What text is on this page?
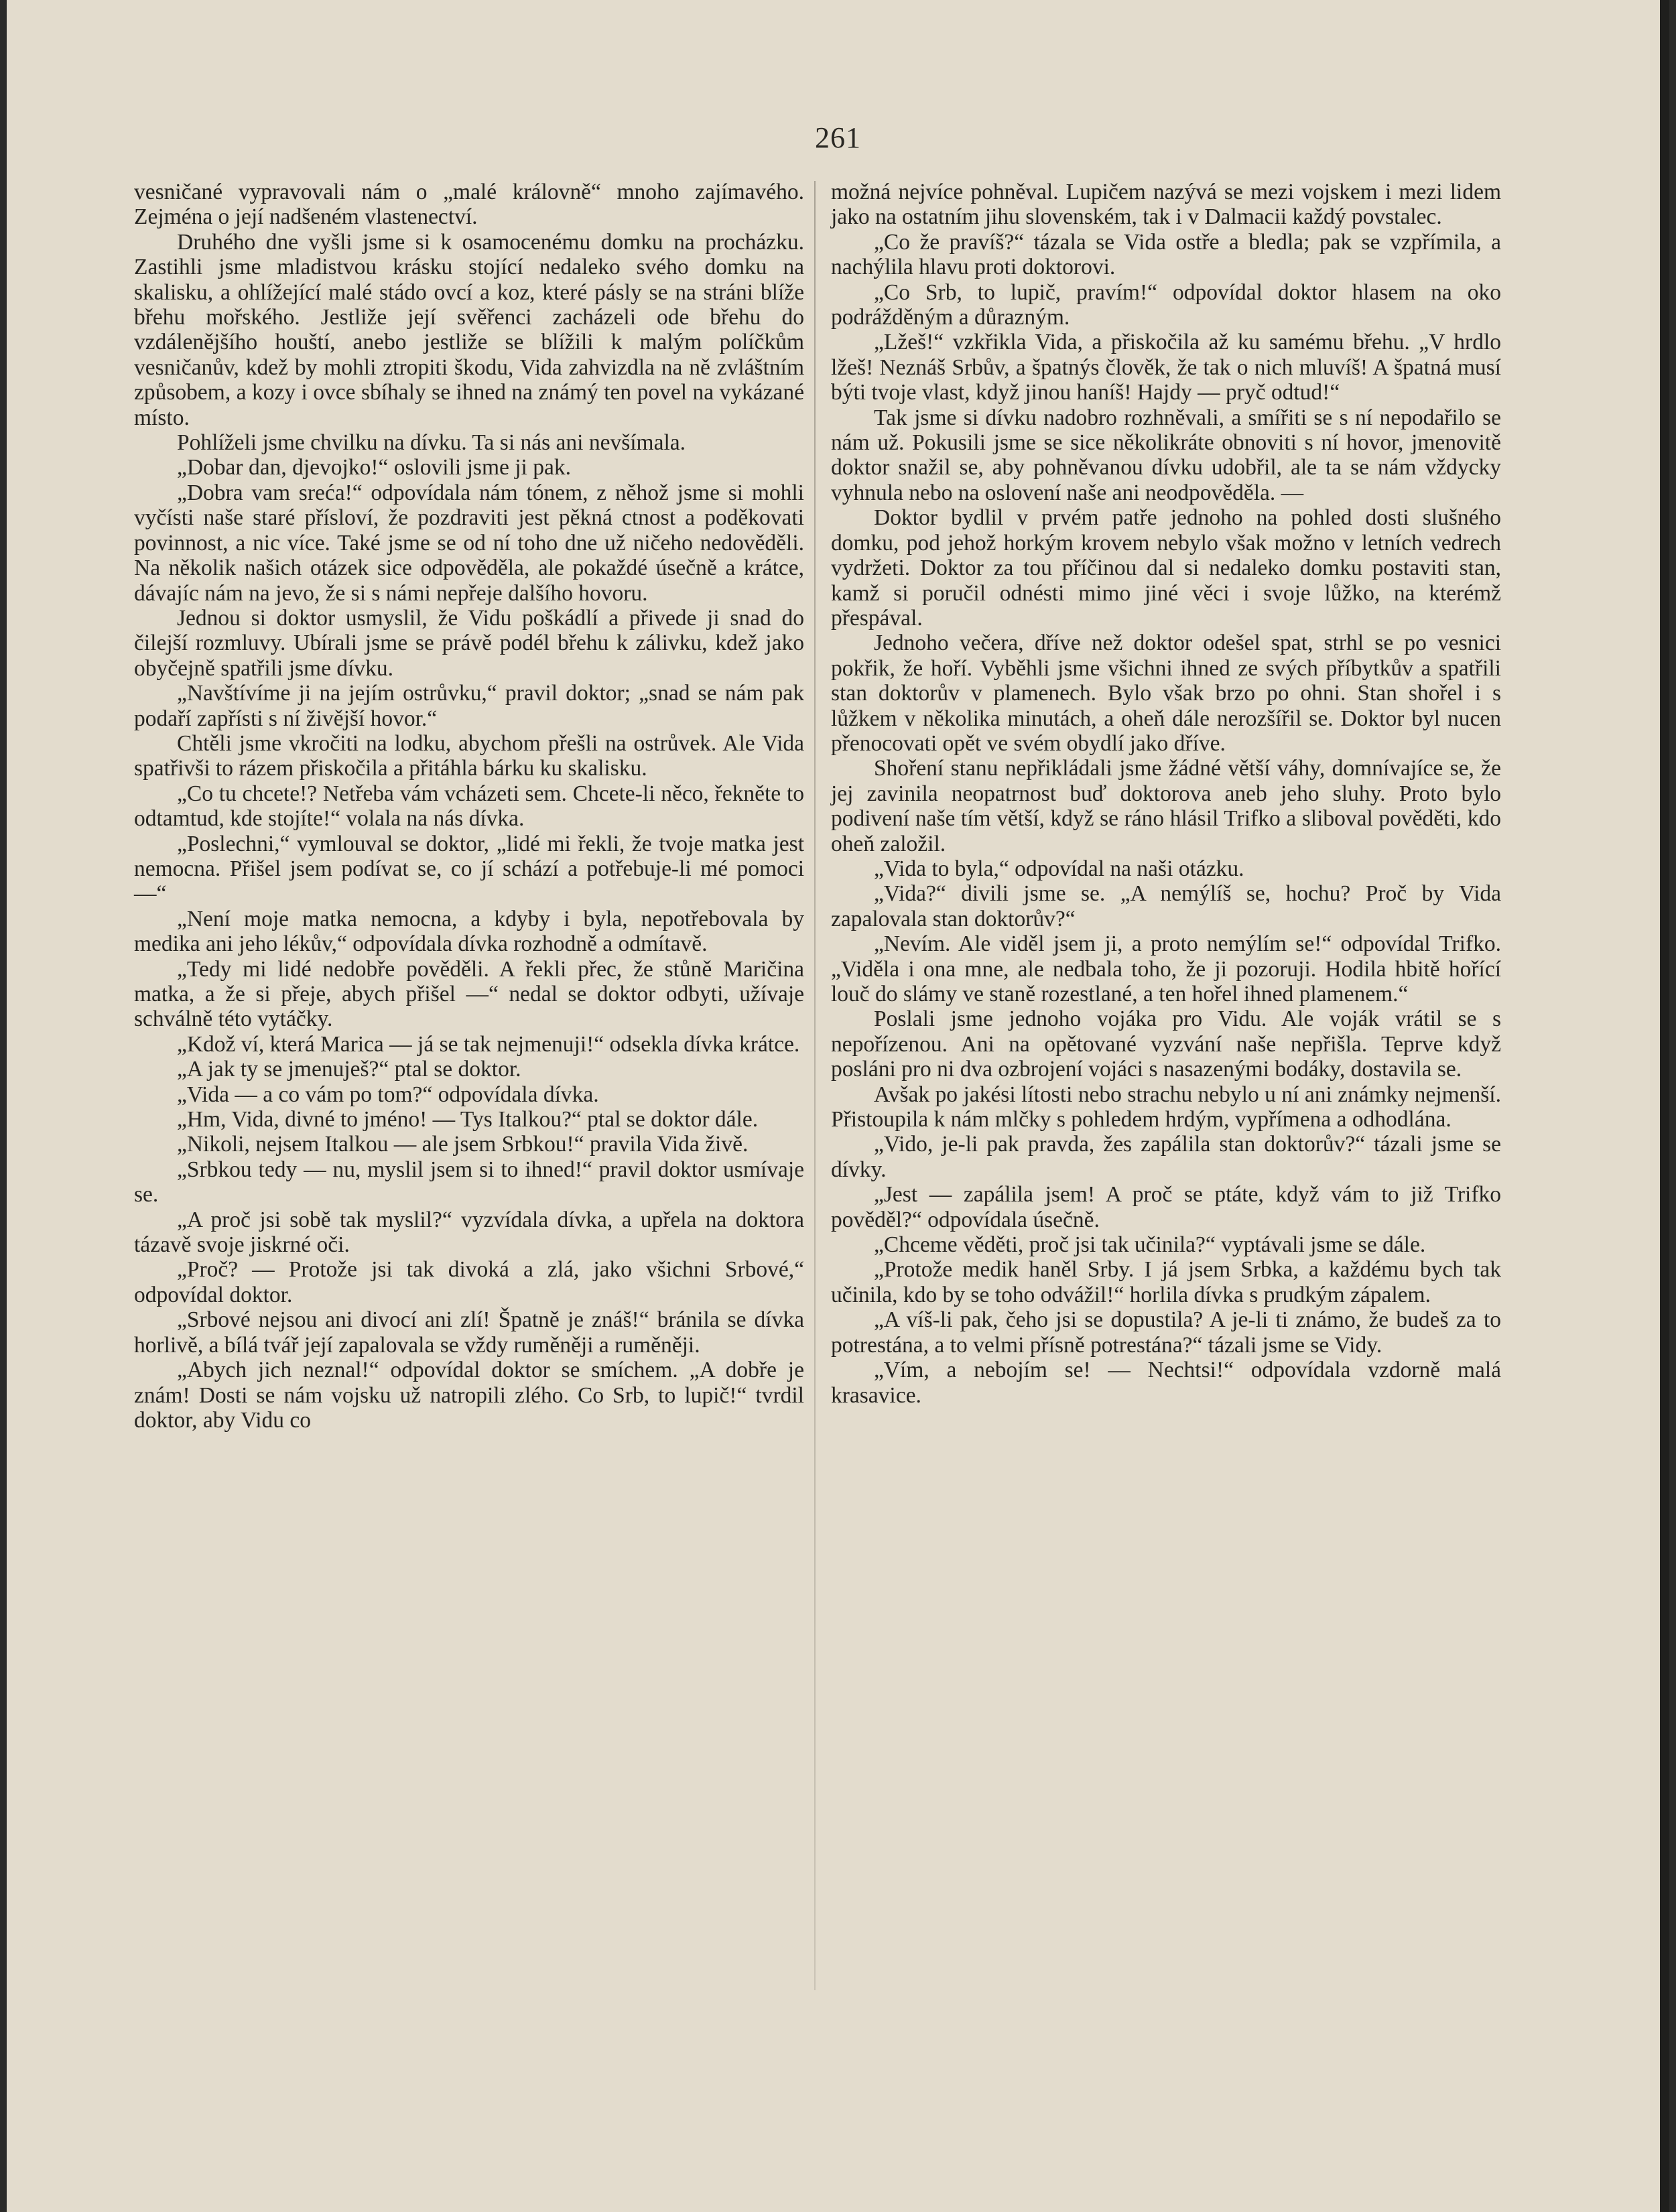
261

vesničané vypravovali nám o „malé královně“ mnoho zajímavého. Zejména o její nadšeném vlastenectví.

Druhého dne vyšli jsme si k osamocenému domku na procházku. Zastihli jsme mladistvou krásku stojící nedaleko svého domku na skalisku, a ohlížející malé stádo ovcí a koz, které pásly se na stráni blíže břehu mořského. Jestliže její svěřenci zacházeli ode břehu do vzdálenějšího houští, anebo jestliže se blížili k malým políčkům vesničanův, kdež by mohli ztropiti škodu, Vida zahvizdla na ně zvláštním způsobem, a kozy i ovce sbíhaly se ihned na známý ten povel na vykázané místo.

Pohlíželi jsme chvilku na dívku. Ta si nás ani nevšímala.

„Dobar dan, djevojko!“ oslovili jsme ji pak.

„Dobra vam sreća!“ odpovídala nám tónem, z něhož jsme si mohli vyčísti naše staré přísloví, že pozdraviti jest pěkná ctnost a poděkovati povinnost, a nic více. Také jsme se od ní toho dne už ničeho nedověděli. Na několik našich otázek sice odpověděla, ale pokaždé úsečně a krátce, dávajíc nám na jevo, že si s námi nepřeje dalšího hovoru.

Jednou si doktor usmyslil, že Vidu poškádlí a přivede ji snad do čilejší rozmluvy. Ubírali jsme se právě podél břehu k zálivku, kdež jako obyčejně spatřili jsme dívku.

„Navštívíme ji na jejím ostrůvku,“ pravil doktor; „snad se nám pak podaří zapřísti s ní živější hovor.“

Chtěli jsme vkročiti na lodku, abychom přešli na ostrůvek. Ale Vida spatřivši to rázem přiskočila a přitáhla bárku ku skalisku.

„Co tu chcete!? Netřeba vám vcházeti sem. Chcete-li něco, řekněte to odtamtud, kde stojíte!“ volala na nás dívka.

„Poslechni,“ vymlouval se doktor, „lidé mi řekli, že tvoje matka jest nemocna. Přišel jsem podívat se, co jí schází a potřebuje-li mé pomoci —“

„Není moje matka nemocna, a kdyby i byla, nepotřebovala by medika ani jeho lékův,“ odpovídala dívka rozhodně a odmítavě.

„Tedy mi lidé nedobře pověděli. A řekli přec, že stůně Maričina matka, a že si přeje, abych přišel —“ nedal se doktor odbyti, užívaje schválně této vytáčky.

„Kdož ví, která Marica — já se tak nejmenuji!“ odsekla dívka krátce.

„A jak ty se jmenuješ?“ ptal se doktor.

„Vida — a co vám po tom?“ odpovídala dívka.

„Hm, Vida, divné to jméno! — Tys Italkou?“ ptal se doktor dále.

„Nikoli, nejsem Italkou — ale jsem Srbkou!“ pravila Vida živě.

„Srbkou tedy — nu, myslil jsem si to ihned!“ pravil doktor usmívaje se.

„A proč jsi sobě tak myslil?“ vyzvídala dívka, a upřela na doktora tázavě svoje jiskrné oči.

„Proč? — Protože jsi tak divoká a zlá, jako všichni Srbové,“ odpovídal doktor.

„Srbové nejsou ani divocí ani zlí! Špatně je znáš!“ bránila se dívka horlivě, a bílá tvář její zapalovala se vždy ruměněji a ruměněji.

„Abych jich neznal!“ odpovídal doktor se smíchem. „A dobře je znám! Dosti se nám vojsku už natropili zlého. Co Srb, to lupič!“ tvrdil doktor, aby Vidu co

možná nejvíce pohněval. Lupičem nazývá se mezi vojskem i mezi lidem jako na ostatním jihu slovenském, tak i v Dalmacii každý povstalec.

„Co že pravíš?“ tázala se Vida ostře a bledla; pak se vzpřímila, a nachýlila hlavu proti doktorovi.

„Co Srb, to lupič, pravím!“ odpovídal doktor hlasem na oko podrážděným a důrazným.

„Lžeš!“ vzkřikla Vida, a přiskočila až ku samému břehu. „V hrdlo lžeš! Neznáš Srbův, a špatnýs člověk, že tak o nich mluvíš! A špatná musí býti tvoje vlast, když jinou haníš! Hajdy — pryč odtud!“

Tak jsme si dívku nadobro rozhněvali, a smířiti se s ní nepodařilo se nám už. Pokusili jsme se sice několikráte obnoviti s ní hovor, jmenovitě doktor snažil se, aby pohněvanou dívku udobřil, ale ta se nám vždycky vyhnula nebo na oslovení naše ani neodpověděla. —

Doktor bydlil v prvém patře jednoho na pohled dosti slušného domku, pod jehož horkým krovem nebylo však možno v letních vedrech vydržeti. Doktor za tou příčinou dal si nedaleko domku postaviti stan, kamž si poručil odnésti mimo jiné věci i svoje lůžko, na kterémž přespával.

Jednoho večera, dříve než doktor odešel spat, strhl se po vesnici pokřik, že hoří. Vyběhli jsme všichni ihned ze svých příbytkův a spatřili stan doktorův v plamenech. Bylo však brzo po ohni. Stan shořel i s lůžkem v několika minutách, a oheň dále nerozšířil se. Doktor byl nucen přenocovati opět ve svém obydlí jako dříve.

Shoření stanu nepřikládali jsme žádné větší váhy, domnívajíce se, že jej zavinila neopatrnost buď doktorova aneb jeho sluhy. Proto bylo podivení naše tím větší, když se ráno hlásil Trifko a sliboval pověděti, kdo oheň založil.

„Vida to byla,“ odpovídal na naši otázku.

„Vida?“ divili jsme se. „A nemýlíš se, hochu? Proč by Vida zapalovala stan doktorův?“

„Nevím. Ale viděl jsem ji, a proto nemýlím se!“ odpovídal Trifko. „Viděla i ona mne, ale nedbala toho, že ji pozoruji. Hodila hbitě hořící louč do slámy ve staně rozestlané, a ten hořel ihned plamenem.“

Poslali jsme jednoho vojáka pro Vidu. Ale voják vrátil se s nepořízenou. Ani na opětované vyzvání naše nepřišla. Teprve když posláni pro ni dva ozbrojení vojáci s nasazenými bodáky, dostavila se.

Avšak po jakési lítosti nebo strachu nebylo u ní ani známky nejmenší. Přistoupila k nám mlčky s pohledem hrdým, vypřímena a odhodlána.

„Vido, je-li pak pravda, žes zapálila stan doktorův?“ tázali jsme se dívky.

„Jest — zapálila jsem! A proč se ptáte, když vám to již Trifko pověděl?“ odpovídala úsečně.

„Chceme věděti, proč jsi tak učinila?“ vyptávali jsme se dále.

„Protože medik haněl Srby. I já jsem Srbka, a každému bych tak učinila, kdo by se toho odvážil!“ horlila dívka s prudkým zápalem.

„A víš-li pak, čeho jsi se dopustila? A je-li ti známo, že budeš za to potrestána, a to velmi přísně potrestána?“ tázali jsme se Vidy.

„Vím, a nebojím se! — Nechtsi!“ odpovídala vzdorně malá krasavice.
